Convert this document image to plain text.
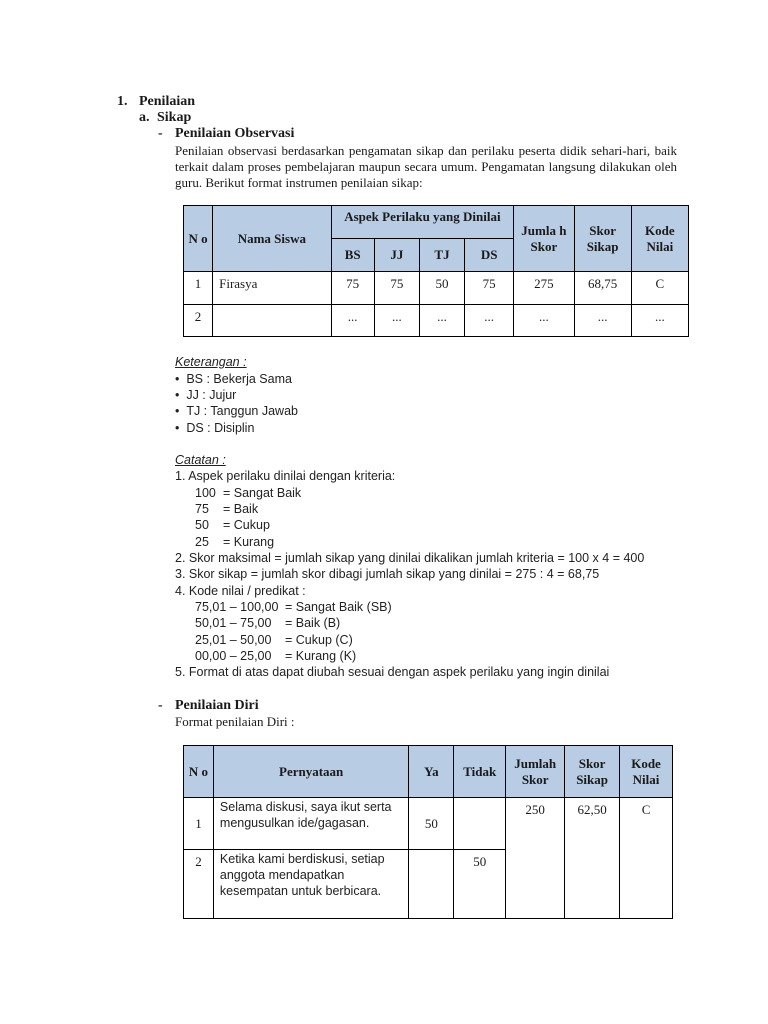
1. Penilaian
a. Sikap
- Penilaian Observasi
Penilaian observasi berdasarkan pengamatan sikap dan perilaku peserta didik sehari-hari, baik terkait dalam proses pembelajaran maupun secara umum. Pengamatan langsung dilakukan oleh guru. Berikut format instrumen penilaian sikap:
N o	Nama Siswa	Aspek Perilaku yang Dinilai				Jumla h Skor	Skor Sikap	Kode Nilai
		BS	JJ	TJ	DS			
1	Firasya	75	75	50	75	275	68,75	C
2		...	...	...	...	...	...	...
Keterangan :
•  BS : Bekerja Sama
•  JJ : Jujur
•  TJ : Tanggun Jawab
•  DS : Disiplin
Catatan :
1. Aspek perilaku dinilai dengan kriteria:
100 = Sangat Baik
75 = Baik
50 = Cukup
25 = Kurang
2. Skor maksimal = jumlah sikap yang dinilai dikalikan jumlah kriteria = 100 x 4 = 400
3. Skor sikap = jumlah skor dibagi jumlah sikap yang dinilai = 275 : 4 = 68,75
4. Kode nilai / predikat :
75,01 – 100,00 = Sangat Baik (SB)
50,01 – 75,00 = Baik (B)
25,01 – 50,00 = Cukup (C)
00,00 – 25,00 = Kurang (K)
5. Format di atas dapat diubah sesuai dengan aspek perilaku yang ingin dinilai
- Penilaian Diri
Format penilaian Diri :
N o	Pernyataan	Ya	Tidak	Jumlah Skor	Skor Sikap	Kode Nilai
1	Selama diskusi, saya ikut serta mengusulkan ide/gagasan.	50		250	62,50	C
2	Ketika kami berdiskusi, setiap anggota mendapatkan kesempatan untuk berbicara.		50			
